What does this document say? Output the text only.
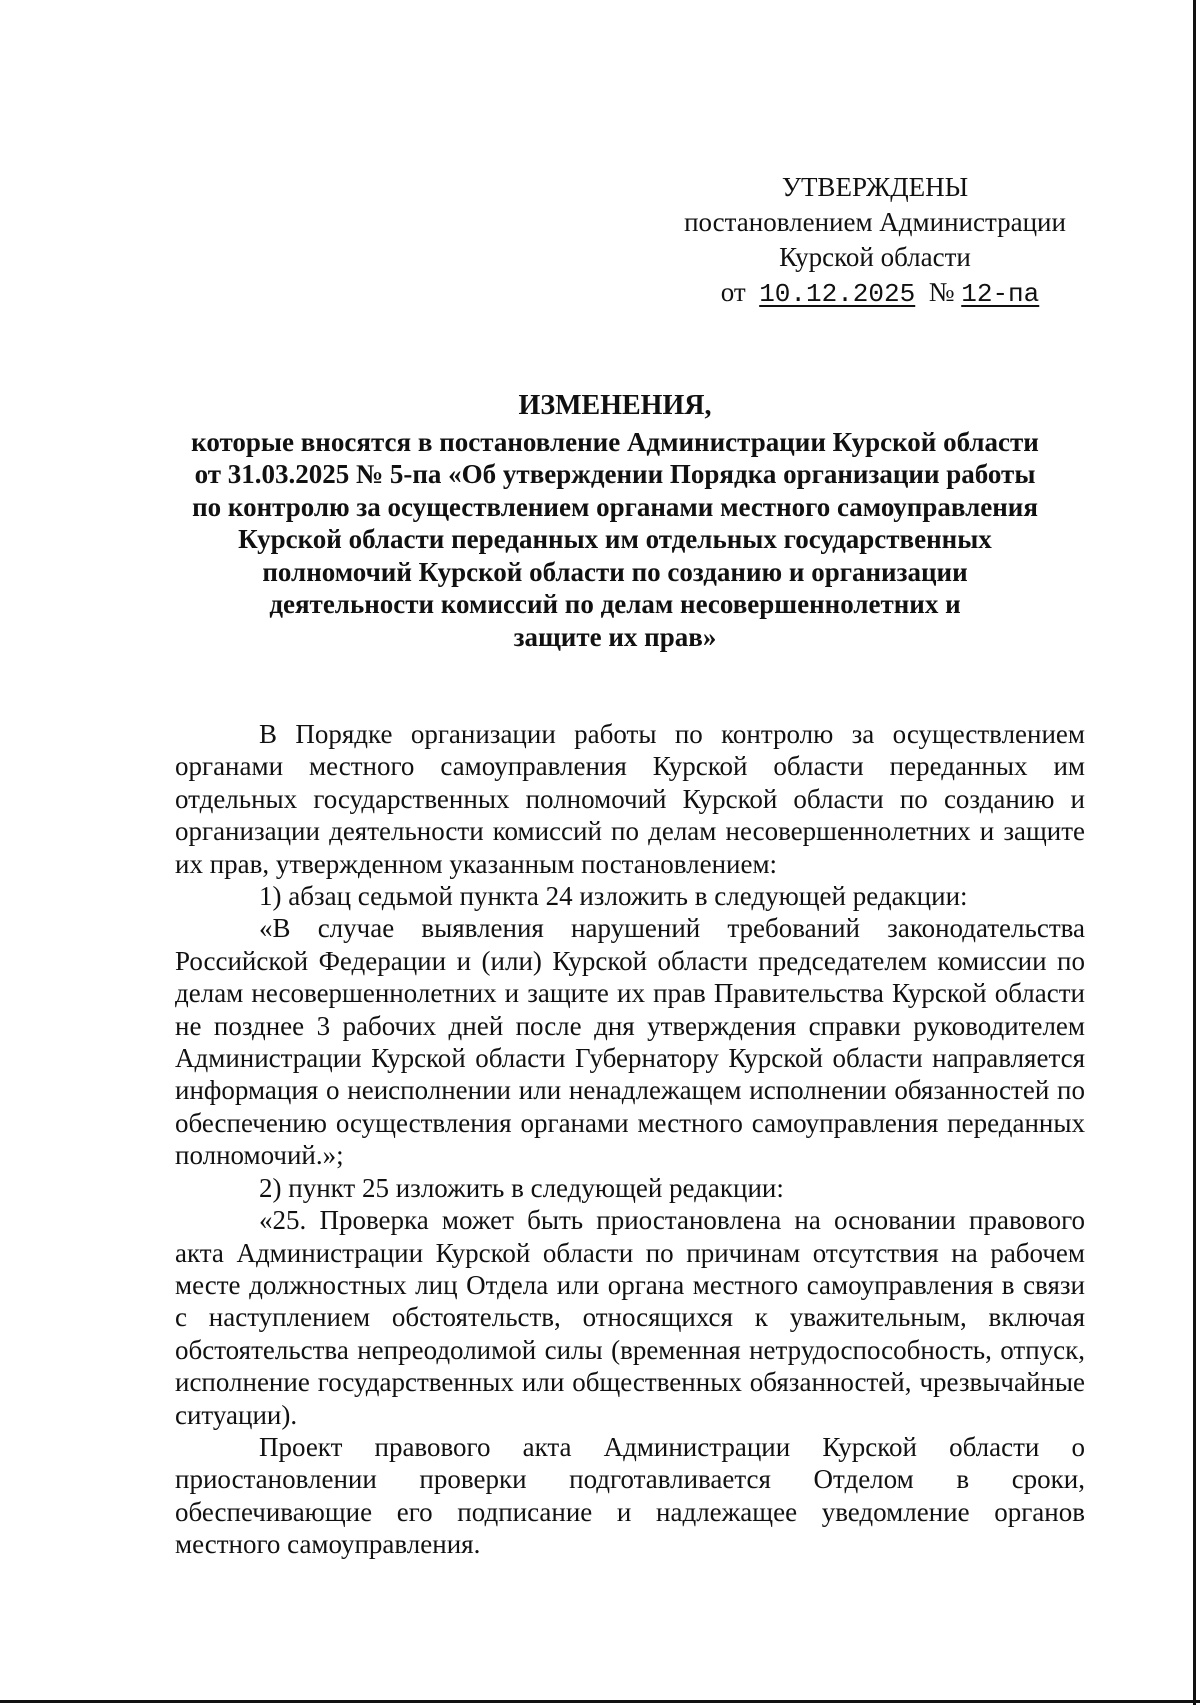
УТВЕРЖДЕНЫ
постановлением Администрации
Курской области
от 10.12.2025 № 12-па
ИЗМЕНЕНИЯ,
которые вносятся в постановление Администрации Курской области
от 31.03.2025 № 5-па «Об утверждении Порядка организации работы
по контролю за осуществлением органами местного самоуправления
Курской области переданных им отдельных государственных
полномочий Курской области по созданию и организации
деятельности комиссий по делам несовершеннолетних и
защите их прав»

В Порядке организации работы по контролю за осуществлением органами местного самоуправления Курской области переданных им отдельных государственных полномочий Курской области по созданию и организации деятельности комиссий по делам несовершеннолетних и защите их прав, утвержденном указанным постановлением:

1) абзац седьмой пункта 24 изложить в следующей редакции:

«В случае выявления нарушений требований законодательства Российской Федерации и (или) Курской области председателем комиссии по делам несовершеннолетних и защите их прав Правительства Курской области не позднее 3 рабочих дней после дня утверждения справки руководителем Администрации Курской области Губернатору Курской области направляется информация о неисполнении или ненадлежащем исполнении обязанностей по обеспечению осуществления органами местного самоуправления переданных полномочий.»;

2) пункт 25 изложить в следующей редакции:

«25. Проверка может быть приостановлена на основании правового акта Администрации Курской области по причинам отсутствия на рабочем месте должностных лиц Отдела или органа местного самоуправления в связи с наступлением обстоятельств, относящихся к уважительным, включая обстоятельства непреодолимой силы (временная нетрудоспособность, отпуск, исполнение государственных или общественных обязанностей, чрезвычайные ситуации).

Проект правового акта Администрации Курской области о приостановлении проверки подготавливается Отделом в сроки, обеспечивающие его подписание и надлежащее уведомление органов местного самоуправления.
